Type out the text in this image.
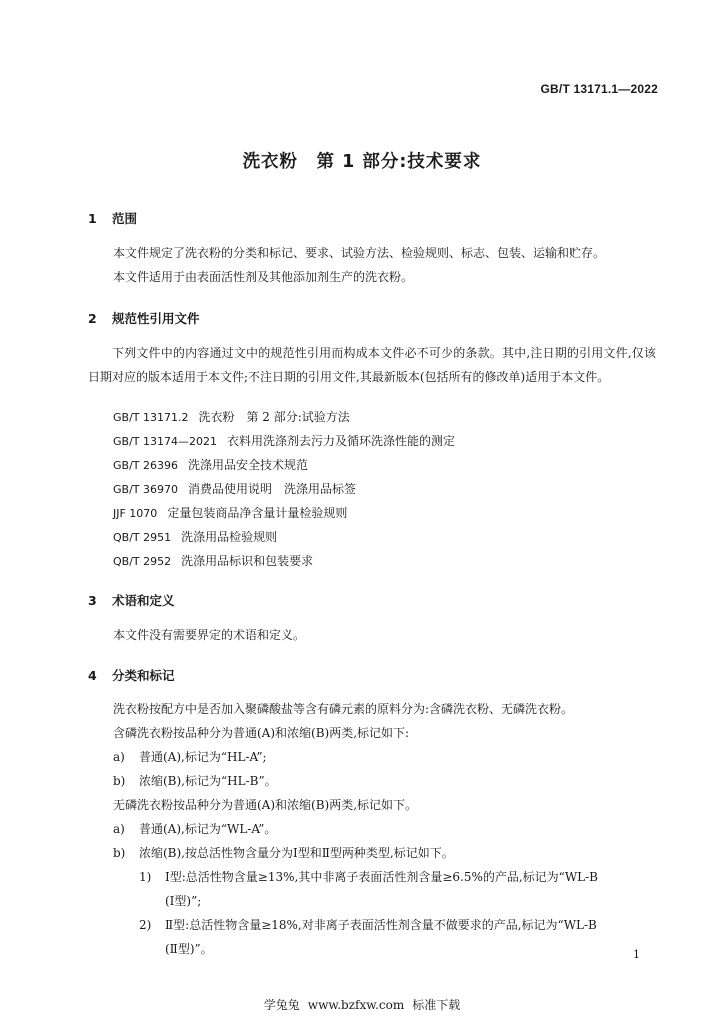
GB/T 13171.1—2022
洗衣粉　第 1 部分:技术要求
1 范围
本文件规定了洗衣粉的分类和标记、要求、试验方法、检验规则、标志、包装、运输和贮存。
本文件适用于由表面活性剂及其他添加剂生产的洗衣粉。
2 规范性引用文件
下列文件中的内容通过文中的规范性引用而构成本文件必不可少的条款。其中,注日期的引用文件,仅该日期对应的版本适用于本文件;不注日期的引用文件,其最新版本(包括所有的修改单)适用于本文件。
GB/T 13171.2 洗衣粉　第 2 部分:试验方法
GB/T 13174—2021 衣料用洗涤剂去污力及循环洗涤性能的测定
GB/T 26396 洗涤用品安全技术规范
GB/T 36970 消费品使用说明　洗涤用品标签
JJF 1070 定量包装商品净含量计量检验规则
QB/T 2951 洗涤用品检验规则
QB/T 2952 洗涤用品标识和包装要求
3 术语和定义
本文件没有需要界定的术语和定义。
4 分类和标记
洗衣粉按配方中是否加入聚磷酸盐等含有磷元素的原料分为:含磷洗衣粉、无磷洗衣粉。
含磷洗衣粉按品种分为普通(A)和浓缩(B)两类,标记如下:
a) 普通(A),标记为“HL-A”;
b) 浓缩(B),标记为“HL-B”。
无磷洗衣粉按品种分为普通(A)和浓缩(B)两类,标记如下。
a) 普通(A),标记为“WL-A”。
b) 浓缩(B),按总活性物含量分为Ⅰ型和Ⅱ型两种类型,标记如下。
1) Ⅰ型:总活性物含量≥13%,其中非离子表面活性剂含量≥6.5%的产品,标记为“WL-B
(Ⅰ型)”;
2) Ⅱ型:总活性物含量≥18%,对非离子表面活性剂含量不做要求的产品,标记为“WL-B
(Ⅱ型)”。	1
学兔兔 www.bzfxw.com 标准下载
